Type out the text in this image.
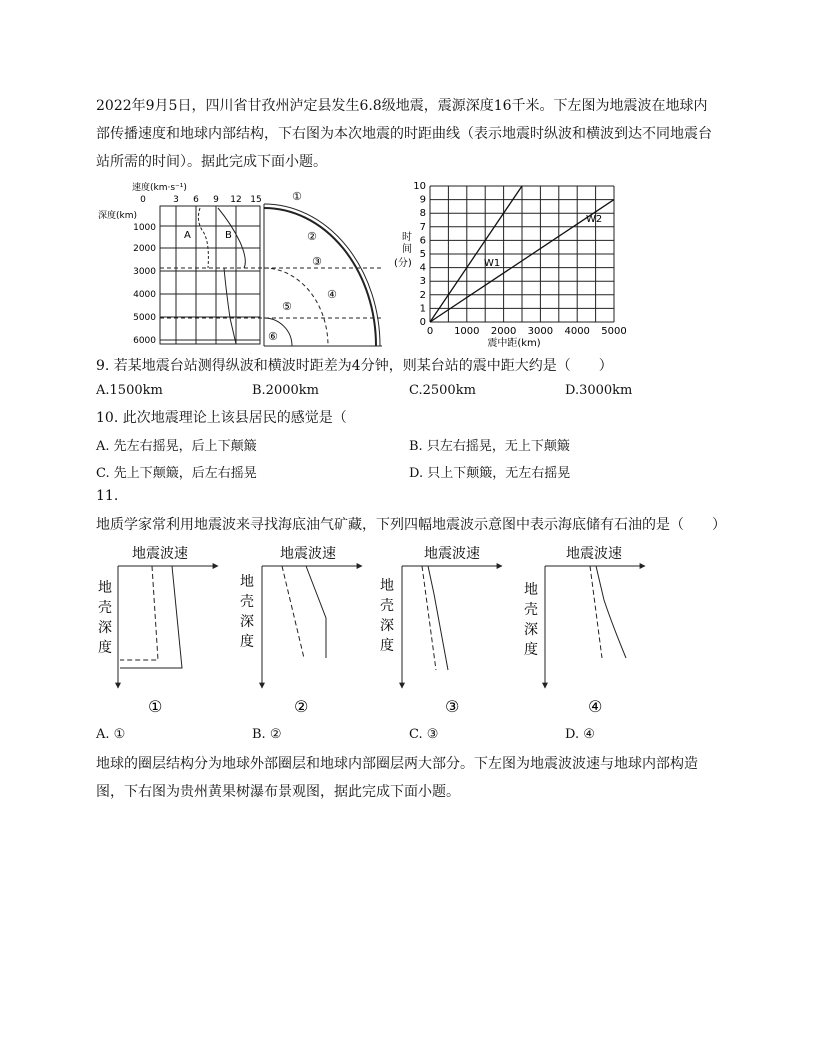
2022年9月5日，四川省甘孜州泸定县发生6.8级地震，震源深度16千米。下左图为地震波在地球内部传播速度和地球内部结构，下右图为本次地震的时距曲线（表示地震时纵波和横波到达不同地震台站所需的时间）。据此完成下面小题。

速度(km·s⁻¹)
0	3 6 9 12 15
深度(km)
1000
2000
3000
4000
5000
6000
A	B
①
②
③
④
⑤
⑥
时
间
(分)
0
1
2
3
4
5
6
7
8
9
10
0 1000 2000 3000 4000 5000
震中距(km)
W1
W2
9. 若某地震台站测得纵波和横波时距差为4分钟，则某台站的震中距大约是（　　）
A.1500km	B.2000km	C.2500km	D.3000km
10. 此次地震理论上该县居民的感觉是（
A. 先左右摇晃，后上下颠簸	B. 只左右摇晃，无上下颠簸
C. 先上下颠簸，后左右摇晃	D. 只上下颠簸，无左右摇晃
11.
地质学家常利用地震波来寻找海底油气矿藏，下列四幅地震波示意图中表示海底储有石油的是（　　）
地震波速
地
壳
深
度
①
地震波速
地
壳
深
度
②
地震波速
地
壳
深
度
③
地震波速
地
壳
深
度
④
A. ①	B. ②	C. ③	D. ④

地球的圈层结构分为地球外部圈层和地球内部圈层两大部分。下左图为地震波波速与地球内部构造图，下右图为贵州黄果树瀑布景观图，据此完成下面小题。
